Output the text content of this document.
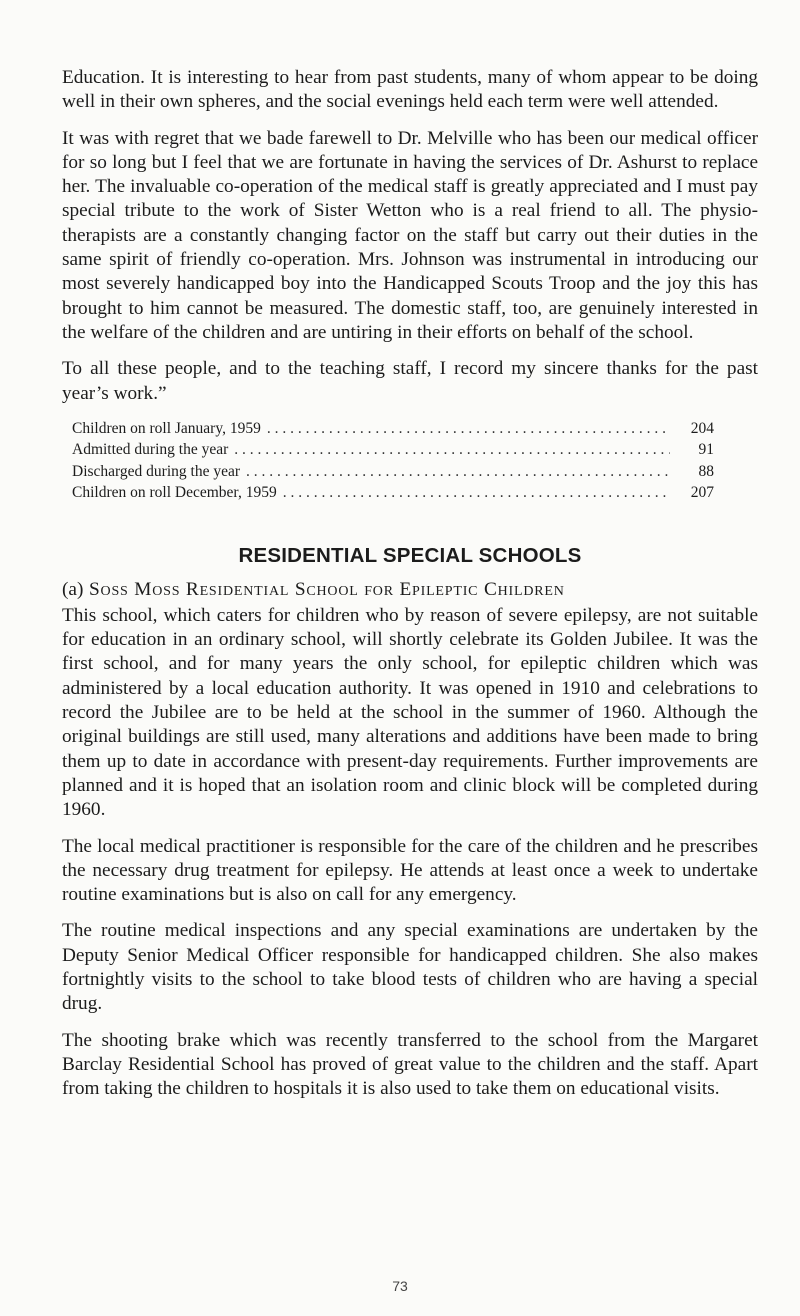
Education. It is interesting to hear from past students, many of whom appear to be doing well in their own spheres, and the social evenings held each term were well attended.

It was with regret that we bade farewell to Dr. Melville who has been our medical officer for so long but I feel that we are fortunate in having the services of Dr. Ashurst to replace her. The invaluable co-operation of the medical staff is greatly appreciated and I must pay special tribute to the work of Sister Wetton who is a real friend to all. The physio-therapists are a constantly changing factor on the staff but carry out their duties in the same spirit of friendly co-operation. Mrs. Johnson was instrumental in introducing our most severely handicapped boy into the Handicapped Scouts Troop and the joy this has brought to him cannot be measured. The domestic staff, too, are genuinely interested in the welfare of the children and are untiring in their efforts on behalf of the school.

To all these people, and to the teaching staff, I record my sincere thanks for the past year’s work.”

Children on roll January, 1959 . . .	204
Admitted during the year . . .	91
Discharged during the year . . .	88
Children on roll December, 1959 . . .	207
RESIDENTIAL SPECIAL SCHOOLS
(a) Soss Moss Residential School for Epileptic Children

This school, which caters for children who by reason of severe epilepsy, are not suitable for education in an ordinary school, will shortly celebrate its Golden Jubilee. It was the first school, and for many years the only school, for epileptic children which was administered by a local education authority. It was opened in 1910 and celebrations to record the Jubilee are to be held at the school in the summer of 1960. Although the original buildings are still used, many alterations and additions have been made to bring them up to date in accordance with present-day requirements. Further improvements are planned and it is hoped that an isolation room and clinic block will be completed during 1960.

The local medical practitioner is responsible for the care of the children and he prescribes the necessary drug treatment for epilepsy. He attends at least once a week to undertake routine examinations but is also on call for any emergency.

The routine medical inspections and any special examinations are undertaken by the Deputy Senior Medical Officer responsible for handicapped children. She also makes fortnightly visits to the school to take blood tests of children who are having a special drug.

The shooting brake which was recently transferred to the school from the Margaret Barclay Residential School has proved of great value to the children and the staff. Apart from taking the children to hospitals it is also used to take them on educational visits.

73
